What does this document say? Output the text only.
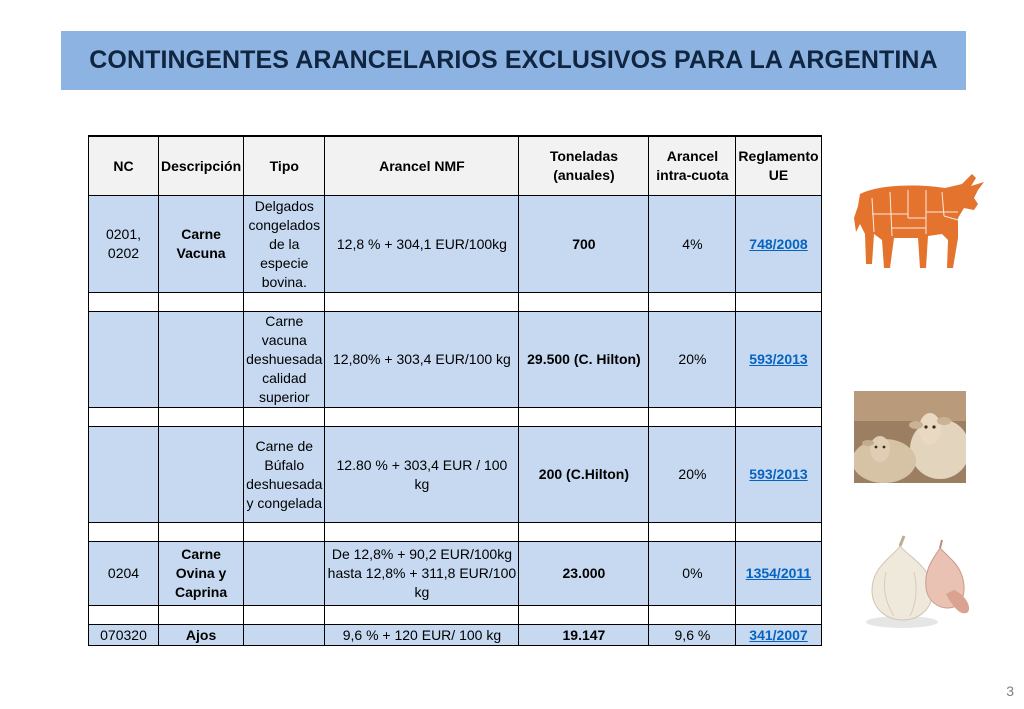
CONTINGENTES ARANCELARIOS EXCLUSIVOS PARA LA ARGENTINA
NC	Descripción	Tipo	Arancel NMF	Toneladas (anuales)	Arancel intra-cuota	Reglamento UE
0201, 0202	Carne Vacuna	Delgados congelados de la especie bovina.	12,8 % + 304,1 EUR/100kg	700	4%	748/2008

		Carne vacuna deshuesada calidad superior	12,80% + 303,4 EUR/100 kg	29.500 (C. Hilton)	20%	593/2013

		Carne de Búfalo deshuesada y congelada	12.80 % + 303,4 EUR / 100 kg	200 (C.Hilton)	20%	593/2013

0204	Carne Ovina y Caprina		De 12,8% + 90,2 EUR/100kg hasta 12,8% + 311,8 EUR/100 kg	23.000	0%	1354/2011

070320	Ajos		9,6 % + 120 EUR/ 100 kg	19.147	9,6 %	341/2007
3
